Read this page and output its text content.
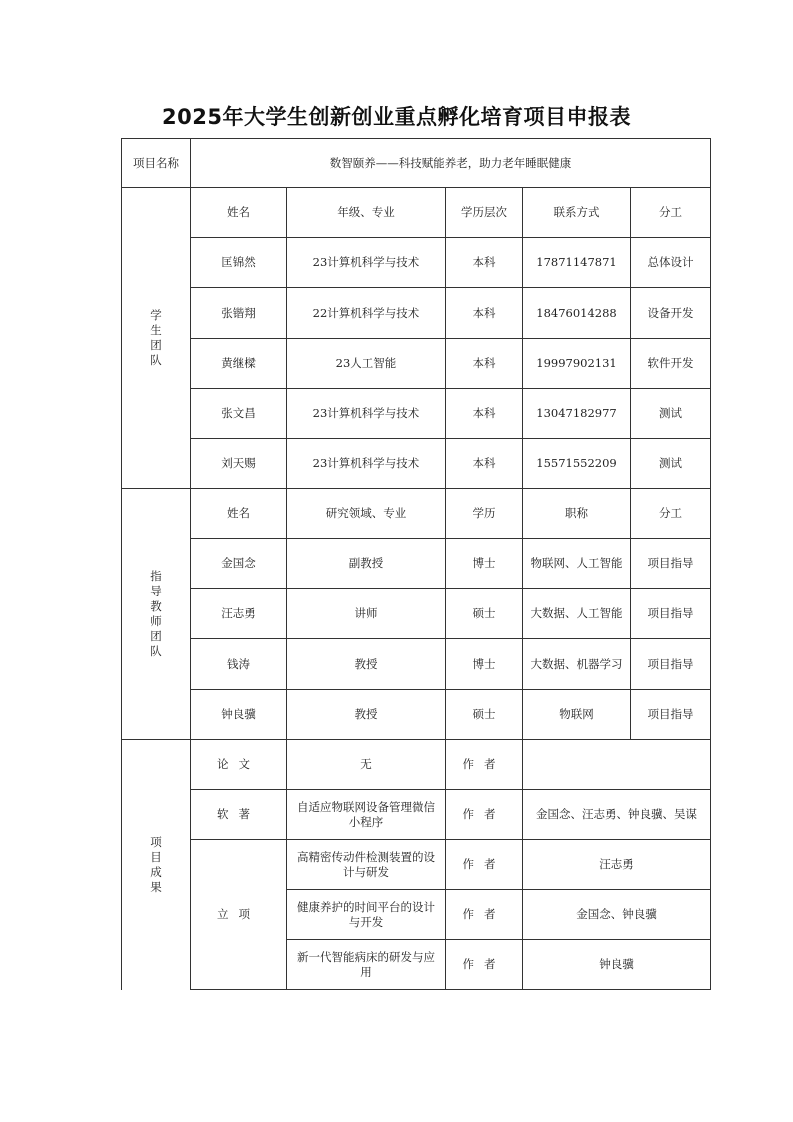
2025年大学生创新创业重点孵化培育项目申报表
项目名称	数智颐养——科技赋能养老，助力老年睡眠健康				

学生团队	姓名	年级、专业	学历层次	联系方式	分工
	匡锦然	23计算机科学与技术	本科	17871147871	总体设计
	张锴翔	22计算机科学与技术	本科	18476014288	设备开发
	黄继樑	23人工智能	本科	19997902131	软件开发
	张文昌	23计算机科学与技术	本科	13047182977	测试
	刘天赐	23计算机科学与技术	本科	15571552209	测试

指导教师团队	姓名	研究领域、专业	学历	职称	分工
	金国念	副教授	博士	物联网、人工智能	项目指导
	汪志勇	讲师	硕士	大数据、人工智能	项目指导
	钱涛	教授	博士	大数据、机器学习	项目指导
	钟良骥	教授	硕士	物联网	项目指导

项目成果	论文	无	作者		
	软著	自适应物联网设备管理微信小程序	作者	金国念、汪志勇、钟良骥、吴谋	
	立项	高精密传动件检测装置的设计与研发	作者	汪志勇	
		健康养护的时间平台的设计与开发	作者	金国念、钟良骥	
		新一代智能病床的研发与应用	作者	钟良骥	
